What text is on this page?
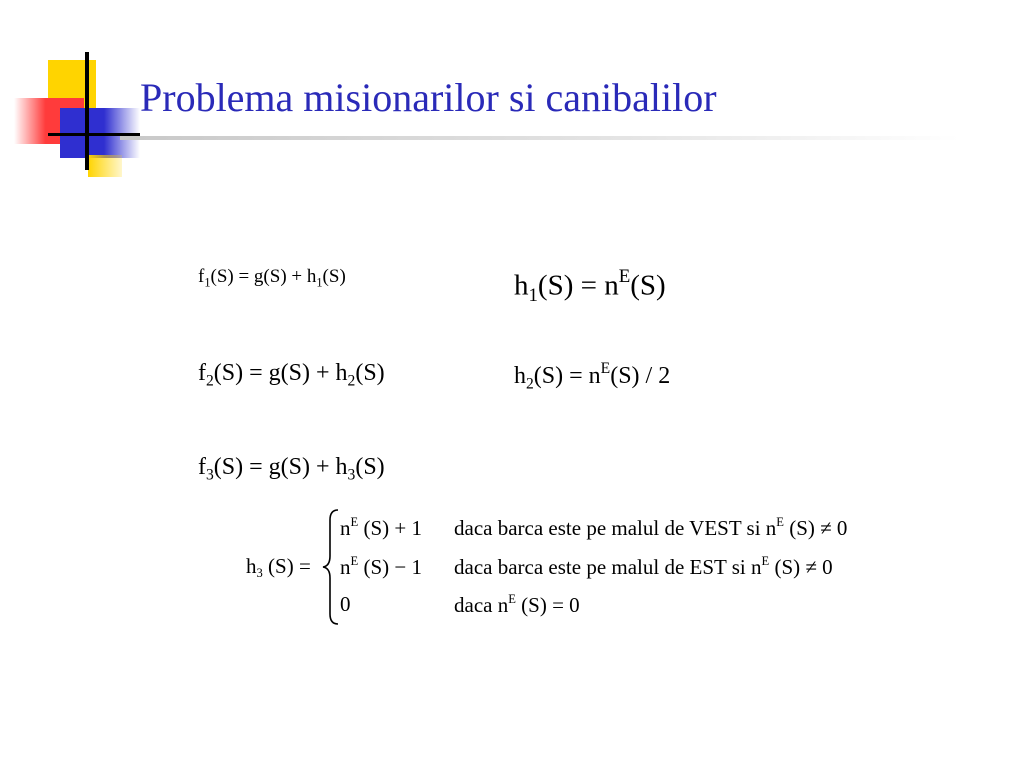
Problema misionarilor si canibalilor
$f_1(S) = g(S) + h_1(S)$	$h_1(S) = n^E(S)$
$f_2(S) = g(S) + h_2(S)$	$h_2(S) = n^E(S) / 2$
$f_3(S) = g(S) + h_3(S)$
$h_3$ (S) =
$n^E$ (S) + 1 daca barca este pe malul de VEST si $n^E$ (S) ≠ 0
$n^E$ (S) − 1 daca barca este pe malul de EST si $n^E$ (S) ≠ 0
0	daca $n^E$ (S) = 0
